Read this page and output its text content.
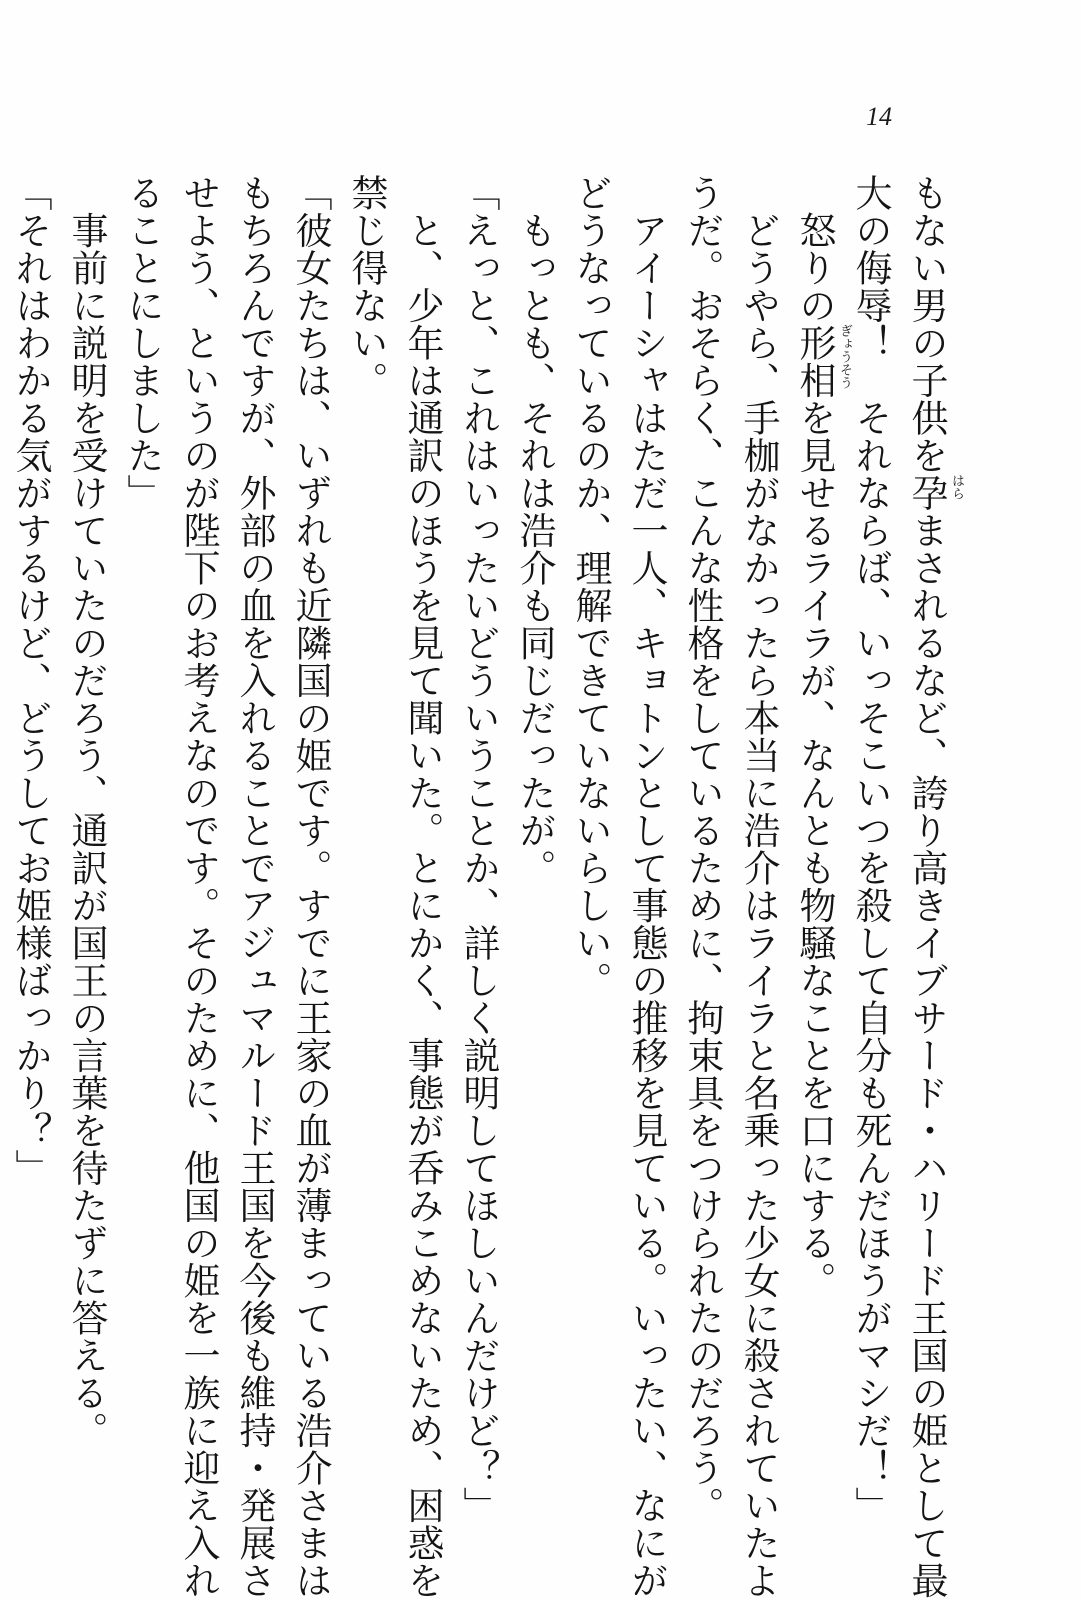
14
もない男の子供を孕 はら
まされるなど、誇り高きイブサード・ハリード王国の姫として最
大の侮辱！　それならば、いっそこいつを殺して自分も死んだほうがマシだ！」
　怒りの形相 ぎょうそう
を見せるライラが、なんとも物騒なことを口にする。
　どうやら、手枷がなかったら本当に浩介はライラと名乗った少女に殺されていたよ
うだ。おそらく、こんな性格をしているために、拘束具をつけられたのだろう。
　アイーシャはただ一人、キョトンとして事態の推移を見ている。いったい、なにが
どうなっているのか、理解できていないらしい。
　もっとも、それは浩介も同じだったが。
「えっと、これはいったいどういうことか、詳しく説明してほしいんだけど？」
　と、少年は通訳のほうを見て聞いた。とにかく、事態が呑みこめないため、困惑を
禁じ得ない。
「彼女たちは、いずれも近隣国の姫です。すでに王家の血が薄まっている浩介さまは
もちろんですが、外部の血を入れることでアジュマルード王国を今後も維持・発展さ
せよう、というのが陛下のお考えなのです。そのために、他国の姫を一族に迎え入れ
ることにしました」
　事前に説明を受けていたのだろう、通訳が国王の言葉を待たずに答える。
「それはわかる気がするけど、どうしてお姫様ばっかり？」
